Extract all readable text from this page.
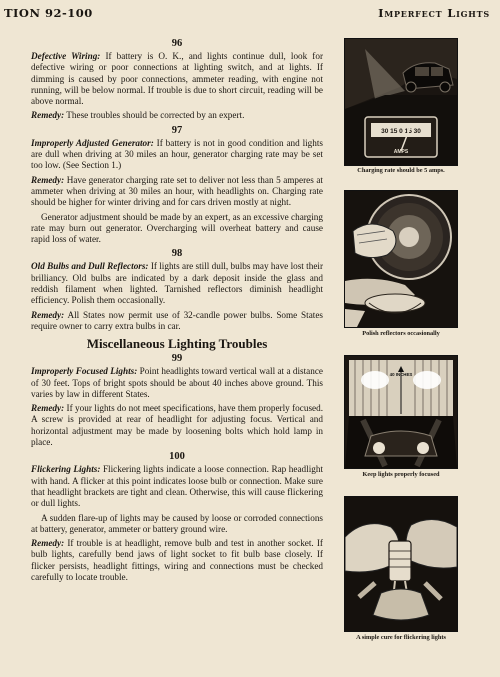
TION 92-100	Imperfect Lights
96

Defective Wiring: If battery is O. K., and lights continue dull, look for defective wiring or poor connections at lighting switch, and at lights. If dimming is caused by poor connections, ammeter reading, with engine not running, will be below normal. If trouble is due to short circuit, reading will be above normal.

Remedy: These troubles should be corrected by an expert.

97

Improperly Adjusted Generator: If battery is not in good condition and lights are dull when driving at 30 miles an hour, generator charging rate may be set too low. (See Section 1.)

Remedy: Have generator charging rate set to deliver not less than 5 amperes at ammeter when driving at 30 miles an hour, with headlights on. Charging rate should be higher for winter driving and for cars driven mostly at night.

Generator adjustment should be made by an expert, as an excessive charging rate may burn out generator. Overcharging will overheat battery and cause rapid loss of water.

98

Old Bulbs and Dull Reflectors: If lights are still dull, bulbs may have lost their brilliancy. Old bulbs are indicated by a dark deposit inside the glass and reddish filament when lighted. Tarnished reflectors diminish headlight efficiency. Polish them occasionally.

Remedy: All States now permit use of 32-candle power bulbs. Some States require owner to carry extra bulbs in car.

Miscellaneous Lighting Troubles
99

Improperly Focused Lights: Point headlights toward vertical wall at a distance of 30 feet. Tops of bright spots should be about 40 inches above ground. This varies by law in different States.

Remedy: If your lights do not meet specifications, have them properly focused. A screw is provided at rear of headlight for adjusting focus. Vertical and horizontal adjustment may be made by loosening bolts which hold lamp in place.

100

Flickering Lights: Flickering lights indicate a loose connection. Rap headlight with hand. A flicker at this point indicates loose bulb or connection. Make sure that headlight brackets are tight and clean. Otherwise, this will cause flickering or dull lights.

A sudden flare-up of lights may be caused by loose or corroded connections at battery, generator, ammeter or battery ground wire.

Remedy: If trouble is at headlight, remove bulb and test in another socket. If bulb lights, carefully bend jaws of light socket to fit bulb base closely. If flicker persists, headlight fittings, wiring and connections must be checked carefully to locate trouble.

30 15 0 15 30
AMPS
Charging rate should be 5 amps.
Polish reflectors occasionally
40 INCHES
Keep lights properly focused
A simple cure for flickering lights
